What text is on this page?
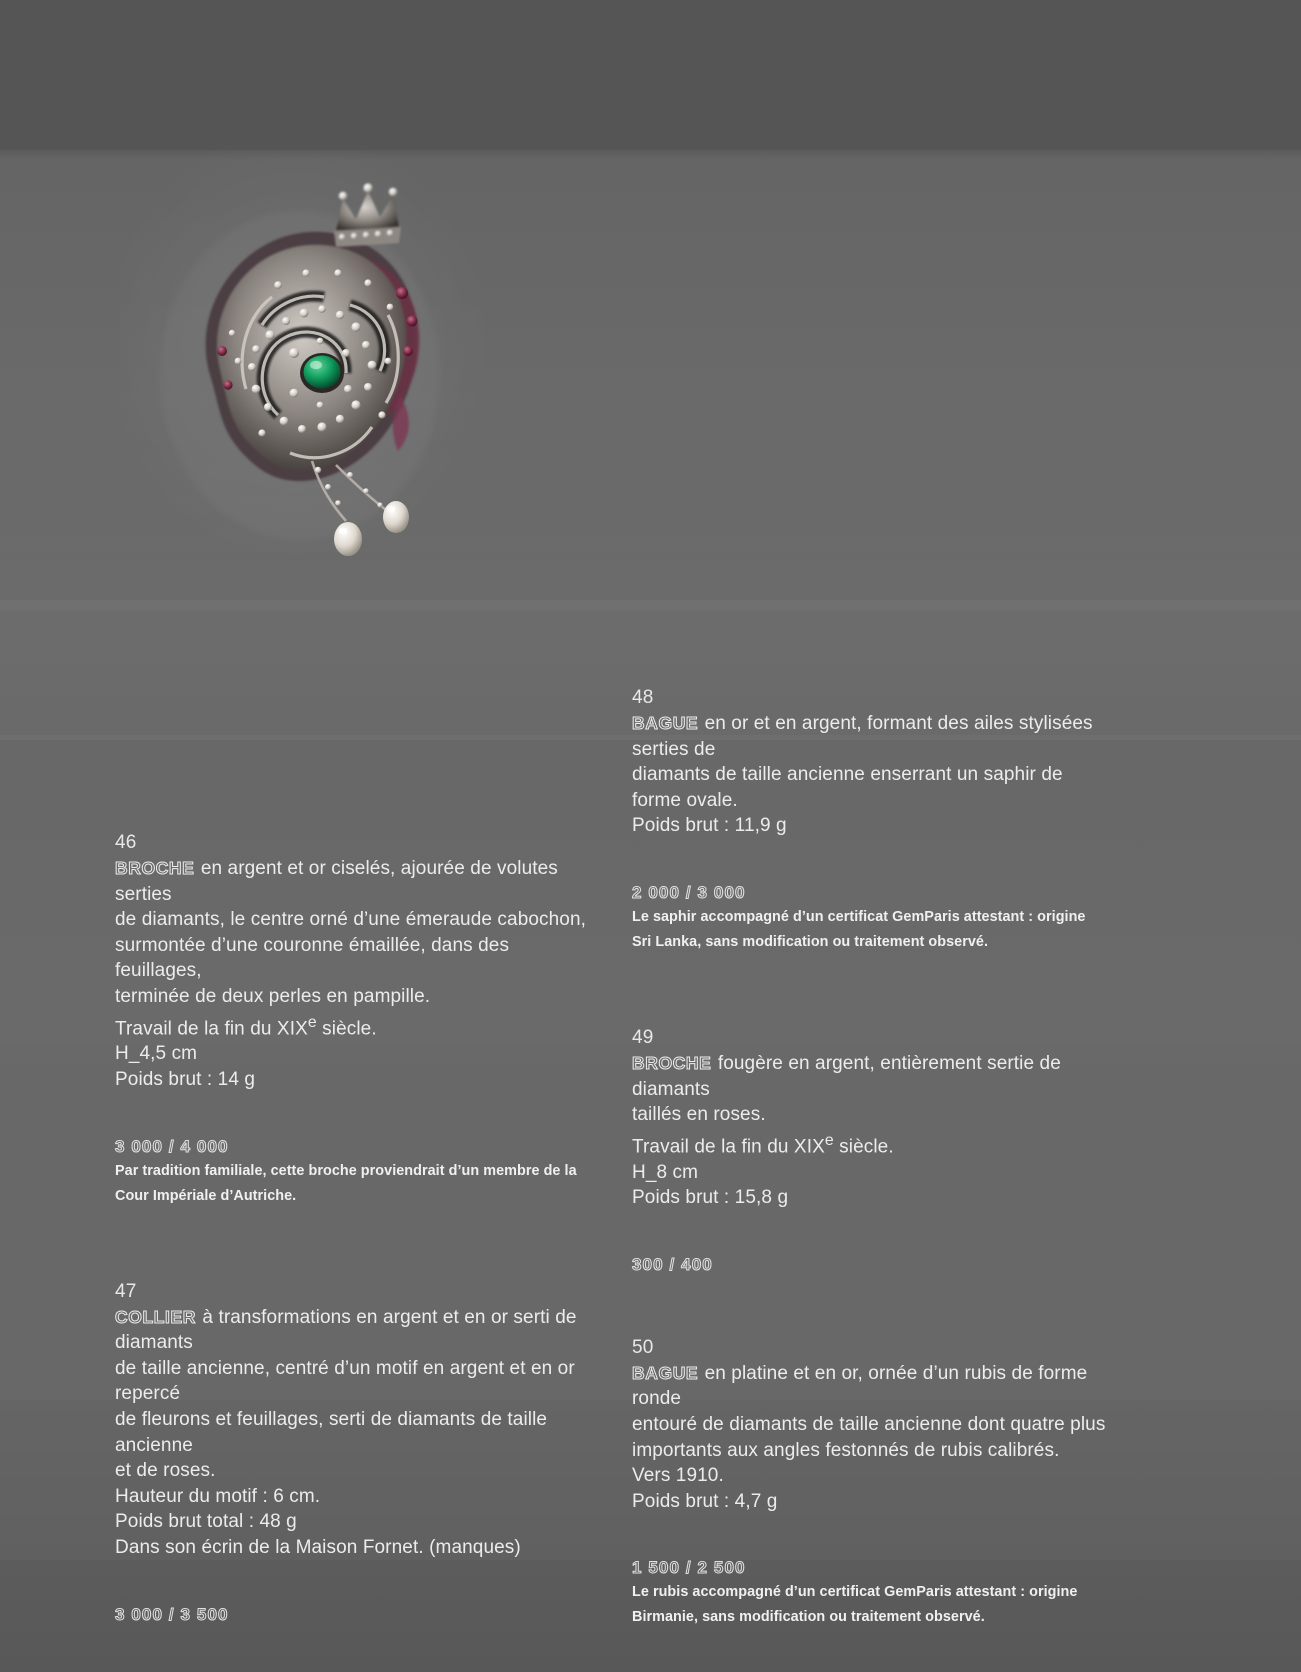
46
BROCHE en argent et or ciselés, ajourée de volutes serties
de diamants, le centre orné d’une émeraude cabochon,
surmontée d’une couronne émaillée, dans des feuillages,
terminée de deux perles en pampille.
Travail de la fin du XIXe siècle.
H_4,5 cm
Poids brut : 14 g
3 000 / 4 000
Par tradition familiale, cette broche proviendrait d’un membre de la Cour Impériale d’Autriche.
47
COLLIER à transformations en argent et en or serti de diamants
de taille ancienne, centré d’un motif en argent et en or repercé
de fleurons et feuillages, serti de diamants de taille ancienne
et de roses.
Hauteur du motif : 6 cm.
Poids brut total : 48 g
Dans son écrin de la Maison Fornet. (manques)
3 000 / 3 500
48
BAGUE en or et en argent, formant des ailes stylisées serties de
diamants de taille ancienne enserrant un saphir de forme ovale.
Poids brut : 11,9 g
2 000 / 3 000
Le saphir accompagné d’un certificat GemParis attestant : origine Sri Lanka, sans modification ou traitement observé.
49
BROCHE fougère en argent, entièrement sertie de diamants
taillés en roses.
Travail de la fin du XIXe siècle.
H_8 cm
Poids brut : 15,8 g
300 / 400
50
BAGUE en platine et en or, ornée d’un rubis de forme ronde
entouré de diamants de taille ancienne dont quatre plus
importants aux angles festonnés de rubis calibrés.
Vers 1910.
Poids brut : 4,7 g
1 500 / 2 500
Le rubis accompagné d’un certificat GemParis attestant : origine Birmanie, sans modification ou traitement observé.
